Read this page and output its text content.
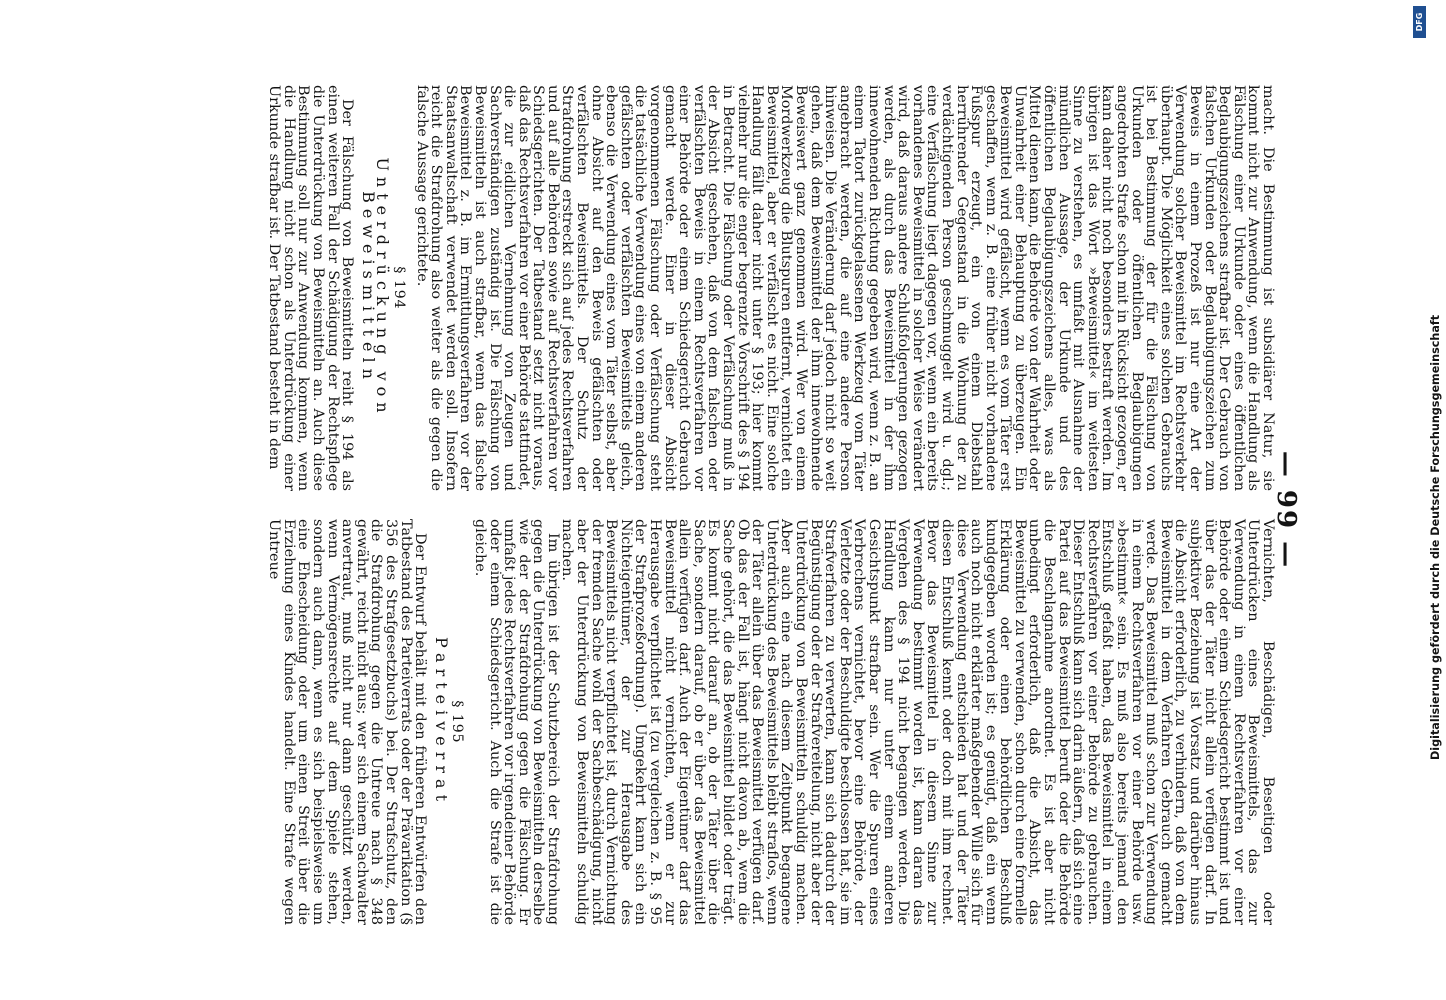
— 99 —

macht. Die Bestimmung ist subsidiärer Natur, sie kommt nicht zur Anwendung, wenn die Handlung als Fälschung einer Urkunde oder eines öffentlichen Beglaubigungszeichens strafbar ist. Der Gebrauch von falschen Urkunden oder Beglaubigungszeichen zum Beweis in einem Prozeß ist nur eine Art der Verwendung solcher Beweismittel im Rechtsverkehr überhaupt. Die Möglichkeit eines solchen Gebrauchs ist bei Bestimmung der für die Fälschung von Urkunden oder öffentlichen Beglaubigungen angedrohten Strafe schon mit in Rücksicht gezogen, er kann daher nicht noch besonders bestraft werden. Im übrigen ist das Wort »Beweismittel« im weitesten Sinne zu verstehen, es umfaßt mit Ausnahme der mündlichen Aussage, der Urkunde und des öffentlichen Beglaubigungszeichens alles, was als Mittel dienen kann, die Behörde von der Wahrheit oder Unwahrheit einer Behauptung zu überzeugen. Ein Beweismittel wird gefälscht, wenn es vom Täter erst geschaffen, wenn z. B. eine früher nicht vorhandene Fußspur erzeugt, ein von einem Diebstahl herrührender Gegenstand in die Wohnung der zu verdächtigenden Person geschmuggelt wird u. dgl.; eine Verfälschung liegt dagegen vor, wenn ein bereits vorhandenes Beweismittel in solcher Weise verändert wird, daß daraus andere Schlußfolgerungen gezogen werden, als durch das Beweismittel in der ihm innewohnenden Richtung gegeben wird, wenn z. B. an einem Tatort zurückgelassenen Werkzeug vom Täter angebracht werden, die auf eine andere Person hinweisen. Die Veränderung darf jedoch nicht so weit gehen, daß dem Beweismittel der ihm innewohnende Beweiswert ganz genommen wird. Wer von einem Mordwerkzeug die Blutspuren entfernt, vernichtet ein Beweismittel, aber er verfälscht es nicht. Eine solche Handlung fällt daher nicht unter § 193; hier kommt vielmehr nur die enger begrenzte Vorschrift des § 194 in Betracht. Die Fälschung oder Verfälschung muß in der Absicht geschehen, daß von dem falschen oder verfälschten Beweis in einem Rechtsverfahren vor einer Behörde oder einem Schiedsgericht Gebrauch gemacht werde. Einer in dieser Absicht vorgenommenen Fälschung oder Verfälschung steht die tatsächliche Verwendung eines von einem anderen gefälschten oder verfälschten Beweismittels gleich, ebenso die Verwendung eines vom Täter selbst, aber ohne Absicht auf den Beweis gefälschten oder verfälschten Beweismittels. Der Schutz der Strafdrohung erstreckt sich auf jedes Rechtsverfahren und auf alle Behörden sowie auf Rechtsverfahren vor Schiedsgerichten. Der Tatbestand setzt nicht voraus, daß das Rechtsverfahren vor einer Behörde stattfindet, die zur eidlichen Vernehmung von Zeugen und Sachverständigen zuständig ist. Die Fälschung von Beweismitteln ist auch strafbar, wenn das falsche Beweismittel z. B. im Ermittlungsverfahren vor der Staatsanwaltschaft verwendet werden soll. Insofern reicht die Strafdrohung also weiter als die gegen die falsche Aussage gerichtete.

§ 194
Unterdrückung von Beweismitteln

Der Fälschung von Beweismitteln reiht § 194 als einen weiteren Fall der Schädigung der Rechtspflege die Unterdrückung von Beweismitteln an. Auch diese Bestimmung soll nur zur Anwendung kommen, wenn die Handlung nicht schon als Unterdrückung einer Urkunde strafbar ist. Der Tatbestand besteht in dem

Vernichten, Beschädigen, Beseitigen oder Unterdrücken eines Beweismittels, das zur Verwendung in einem Rechtsverfahren vor einer Behörde oder einem Schiedsgericht bestimmt ist und über das der Täter nicht allein verfügen darf. In subjektiver Beziehung ist Vorsatz und darüber hinaus die Absicht erforderlich, zu verhindern, daß von dem Beweismittel in dem Verfahren Gebrauch gemacht werde. Das Beweismittel muß schon zur Verwendung in einem Rechtsverfahren vor einer Behörde usw. »bestimmt« sein. Es muß also bereits jemand den Entschluß gefaßt haben, das Beweismittel in einem Rechtsverfahren vor einer Behörde zu gebrauchen. Dieser Entschluß kann sich darin äußern, daß sich eine Partei auf das Beweismittel beruft oder die Behörde die Beschlagnahme anordnet. Es ist aber nicht unbedingt erforderlich, daß die Absicht, das Beweismittel zu verwenden, schon durch eine formelle Erklärung oder einen behördlichen Beschluß kundgegeben worden ist; es genügt, daß ein wenn auch noch nicht erklärter maßgebender Wille sich für diese Verwendung entschieden hat und der Täter diesen Entschluß kennt oder doch mit ihm rechnet. Bevor das Beweismittel in diesem Sinne zur Verwendung bestimmt worden ist, kann daran das Vergehen des § 194 nicht begangen werden. Die Handlung kann nur unter einem anderen Gesichtspunkt strafbar sein. Wer die Spuren eines Verbrechens vernichtet, bevor eine Behörde, der Verletzte oder der Beschuldigte beschlossen hat, sie im Strafverfahren zu verwerten, kann sich dadurch der Begünstigung oder der Strafvereitelung, nicht aber der Unterdrückung von Beweismitteln schuldig machen. Aber auch eine nach diesem Zeitpunkt begangene Unterdrückung des Beweismittels bleibt straflos, wenn der Täter allein über das Beweismittel verfügen darf. Ob das der Fall ist, hängt nicht davon ab, wem die Sache gehört, die das Beweismittel bildet oder trägt. Es kommt nicht darauf an, ob der Täter über die Sache, sondern darauf, ob er über das Beweismittel allein verfügen darf. Auch der Eigentümer darf das Beweismittel nicht vernichten, wenn er zur Herausgabe verpflichtet ist (zu vergleichen z. B. § 95 der Strafprozeßordnung). Umgekehrt kann sich ein Nichteigentümer, der zur Herausgabe des Beweismittels nicht verpflichtet ist, durch Vernichtung der fremden Sache wohl der Sachbeschädigung, nicht aber der Unterdrückung von Beweismitteln schuldig machen.

Im übrigen ist der Schutzbereich der Strafdrohung gegen die Unterdrückung von Beweismitteln derselbe wie der der Strafdrohung gegen die Fälschung. Er umfaßt jedes Rechtsverfahren vor irgendeiner Behörde oder einem Schiedsgericht. Auch die Strafe ist die gleiche.

§ 195
Parteiverrat

Der Entwurf behält mit den früheren Entwürfen den Tatbestand des Parteiverrats oder der Prävarikation (§ 356 des Strafgesetzbuchs) bei. Der Strafschutz, den die Strafdrohung gegen die Untreue nach § 348 gewährt, reicht nicht aus; wer sich einem Sachwalter anvertraut, muß nicht nur dann geschützt werden, wenn Vermögensrechte auf dem Spiele stehen, sondern auch dann, wenn es sich beispielsweise um eine Ehescheidung oder um einen Streit über die Erziehung eines Kindes handelt. Eine Strafe wegen Untreue

DFG
Digitalisierung gefördert durch die Deutsche Forschungsgemeinschaft
